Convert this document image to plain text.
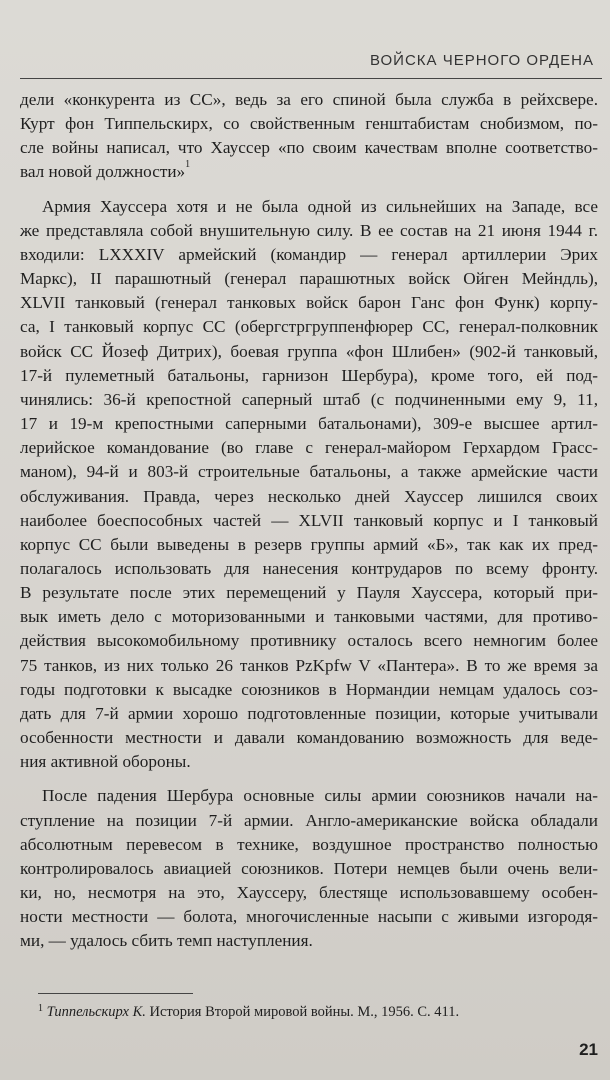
ВОЙСКА ЧЕРНОГО ОРДЕНА
дели «конкурента из СС», ведь за его спиной была служба в рейхсвере.
Курт фон Типпельскирх, со свойственным генштабистам снобизмом, по-
сле войны написал, что Хауссер «по своим качествам вполне соответство-
вал новой должности»$^1$
Армия Хауссера хотя и не была одной из сильнейших на Западе, все
же представляла собой внушительную силу. В ее состав на 21 июня 1944 г.
входили: LXXXIV армейский (командир — генерал артиллерии Эрих
Маркс), II парашютный (генерал парашютных войск Ойген Мейндль),
XLVII танковый (генерал танковых войск барон Ганс фон Функ) корпу-
са, I танковый корпус СС (обергстргруппенфюрер СС, генерал-полковник
войск СС Йозеф Дитрих), боевая группа «фон Шлибен» (902-й танковый,
17-й пулеметный батальоны, гарнизон Шербура), кроме того, ей под-
чинялись: 36-й крепостной саперный штаб (с подчиненными ему 9, 11,
17 и 19-м крепостными саперными батальонами), 309-е высшее артил-
лерийское командование (во главе с генерал-майором Герхардом Грасс-
маном), 94-й и 803-й строительные батальоны, а также армейские части
обслуживания. Правда, через несколько дней Хауссер лишился своих
наиболее боеспособных частей — XLVII танковый корпус и I танковый
корпус СС были выведены в резерв группы армий «Б», так как их пред-
полагалось использовать для нанесения контрударов по всему фронту.
В результате после этих перемещений у Пауля Хауссера, который при-
вык иметь дело с моторизованными и танковыми частями, для противо-
действия высокомобильному противнику осталось всего немногим более
75 танков, из них только 26 танков PzKpfw V «Пантера». В то же время за
годы подготовки к высадке союзников в Нормандии немцам удалось соз-
дать для 7-й армии хорошо подготовленные позиции, которые учитывали
особенности местности и давали командованию возможность для веде-
ния активной обороны.
После падения Шербура основные силы армии союзников начали на-
ступление на позиции 7-й армии. Англо-американские войска обладали
абсолютным перевесом в технике, воздушное пространство полностью
контролировалось авиацией союзников. Потери немцев были очень вели-
ки, но, несмотря на это, Хауссеру, блестяще использовавшему особен-
ности местности — болота, многочисленные насыпи с живыми изгородя-
ми, — удалось сбить темп наступления.
$^1$ Типпельскирх К. История Второй мировой войны. М., 1956. С. 411.
21
